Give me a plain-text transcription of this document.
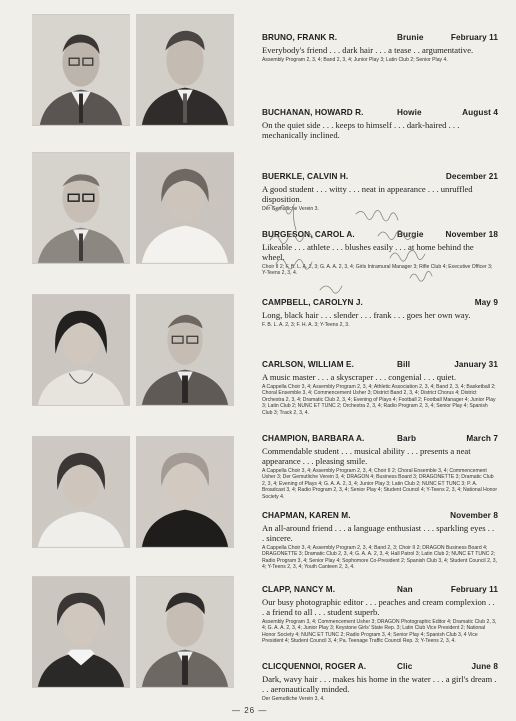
BRUNO, FRANK R.	Brunie	February 11
Everybody's friend . . . dark hair . . . a tease . . argumentative.
Assembly Program 2, 3, 4; Band 2, 3, 4; Junior Play 3; Latin Club 2; Senior Play 4.
BUCHANAN, HOWARD R.	Howie	August 4
On the quiet side . . . keeps to himself . . . dark-haired . . . mechanically inclined.
BUERKLE, CALVIN H.	December 21
A good student . . . witty . . . neat in appearance . . . unruffled disposition.
Der Gemutliche Verein 3.
BURGESON, CAROL A.	Burgie	November 18
Likeable . . . athlete . . . blushes easily . . . at home behind the wheel.
Choir II 2; F. B. L. A. 2, 3; G. A. A. 2, 3, 4; Girls Intramural Manager 3; Rifle Club 4; Executive Officer 3; Y-Teens 2, 3, 4.
CAMPBELL, CAROLYN J.	May 9
Long, black hair . . . slender . . . frank . . . goes her own way.
F. B. L. A. 2, 3; F. H. A. 3; Y-Teens 2, 3.
CARLSON, WILLIAM E.	Bill	January 31
A music master . . . a skyscraper . . . congenial . . . quiet.
A Cappella Choir 3, 4; Assembly Program 2, 3, 4; Athletic Association 2, 3, 4; Band 2, 3, 4; Basketball 2; Choral Ensemble 3, 4; Commencement Usher 3; District Band 2, 3, 4; District Chorus 4; District Orchestra 2, 3, 4; Dramatic Club 2, 3, 4; Evening of Plays 4; Football 2; Football Manager 4; Junior Play 3; Latin Club 2; NUNC ET TUNC 2; Orchestra 2, 3, 4; Radio Program 2, 3, 4; Senior Play 4; Spanish Club 3; Track 2, 3, 4.
CHAMPION, BARBARA A.	Barb	March 7
Commendable student . . . musical ability . . . presents a neat appearance . . . pleasing smile.
A Cappella Choir 3, 4; Assembly Program 2, 3, 4; Choir II 2; Choral Ensemble 3, 4; Commencement Usher 3; Der Gemutliche Verein 3, 4; DRAGON 4; Business Board 3; DRAGONETTE 3; Dramatic Club 2, 3, 4; Evening of Plays 4; G. A. A. 2, 3, 4; Junior Play 3; Latin Club 2; NUNC ET TUNC 3; P. A. Broadcast 3, 4; Radio Program 2, 3, 4; Senior Play 4; Student Council 4; Y-Teens 2, 3, 4; National Honor Society 4.
CHAPMAN, KAREN M.	November 8
An all-around friend . . . a language enthusiast . . . sparkling eyes . . . sincere.
A Cappella Choir 3, 4; Assembly Program 2, 3, 4; Band 2, 3; Choir II 2; DRAGON Business Board 4; DRAGONETTE 3; Dramatic Club 2, 3, 4; G. A. A. 2, 3, 4; Hall Patrol 3; Latin Club 2; NUNC ET TUNC 2; Radio Program 3, 4; Senior Play 4; Sophomore Co-President 2; Spanish Club 3, 4; Student Council 2, 3, 4; Y-Teens 2, 3, 4; Youth Canteen 2, 3, 4.
CLAPP, NANCY M.	Nan	February 11
Our busy photographic editor . . . peaches and cream complexion . . . a friend to all . . . student superb.
Assembly Program 3, 4; Commencement Usher 3; DRAGON Photographic Editor 4; Dramatic Club 2, 3, 4; G. A. A. 2, 3, 4; Junior Play 3; Keystone Girls' State Rep. 3; Latin Club Vice President 2; National Honor Society 4; NUNC ET TUNC 2; Radio Program 3, 4; Senior Play 4; Spanish Club 3, 4 Vice President 4; Student Council 3, 4; Pa. Teenage Traffic Council Rep. 3; Y-Teens 2, 3, 4.
CLICQUENNOI, ROGER A.	Clic	June 8
Dark, wavy hair . . . makes his home in the water . . . a girl's dream . . . aeronautically minded.
Der Gemutliche Verein 3, 4.
— 26 —
